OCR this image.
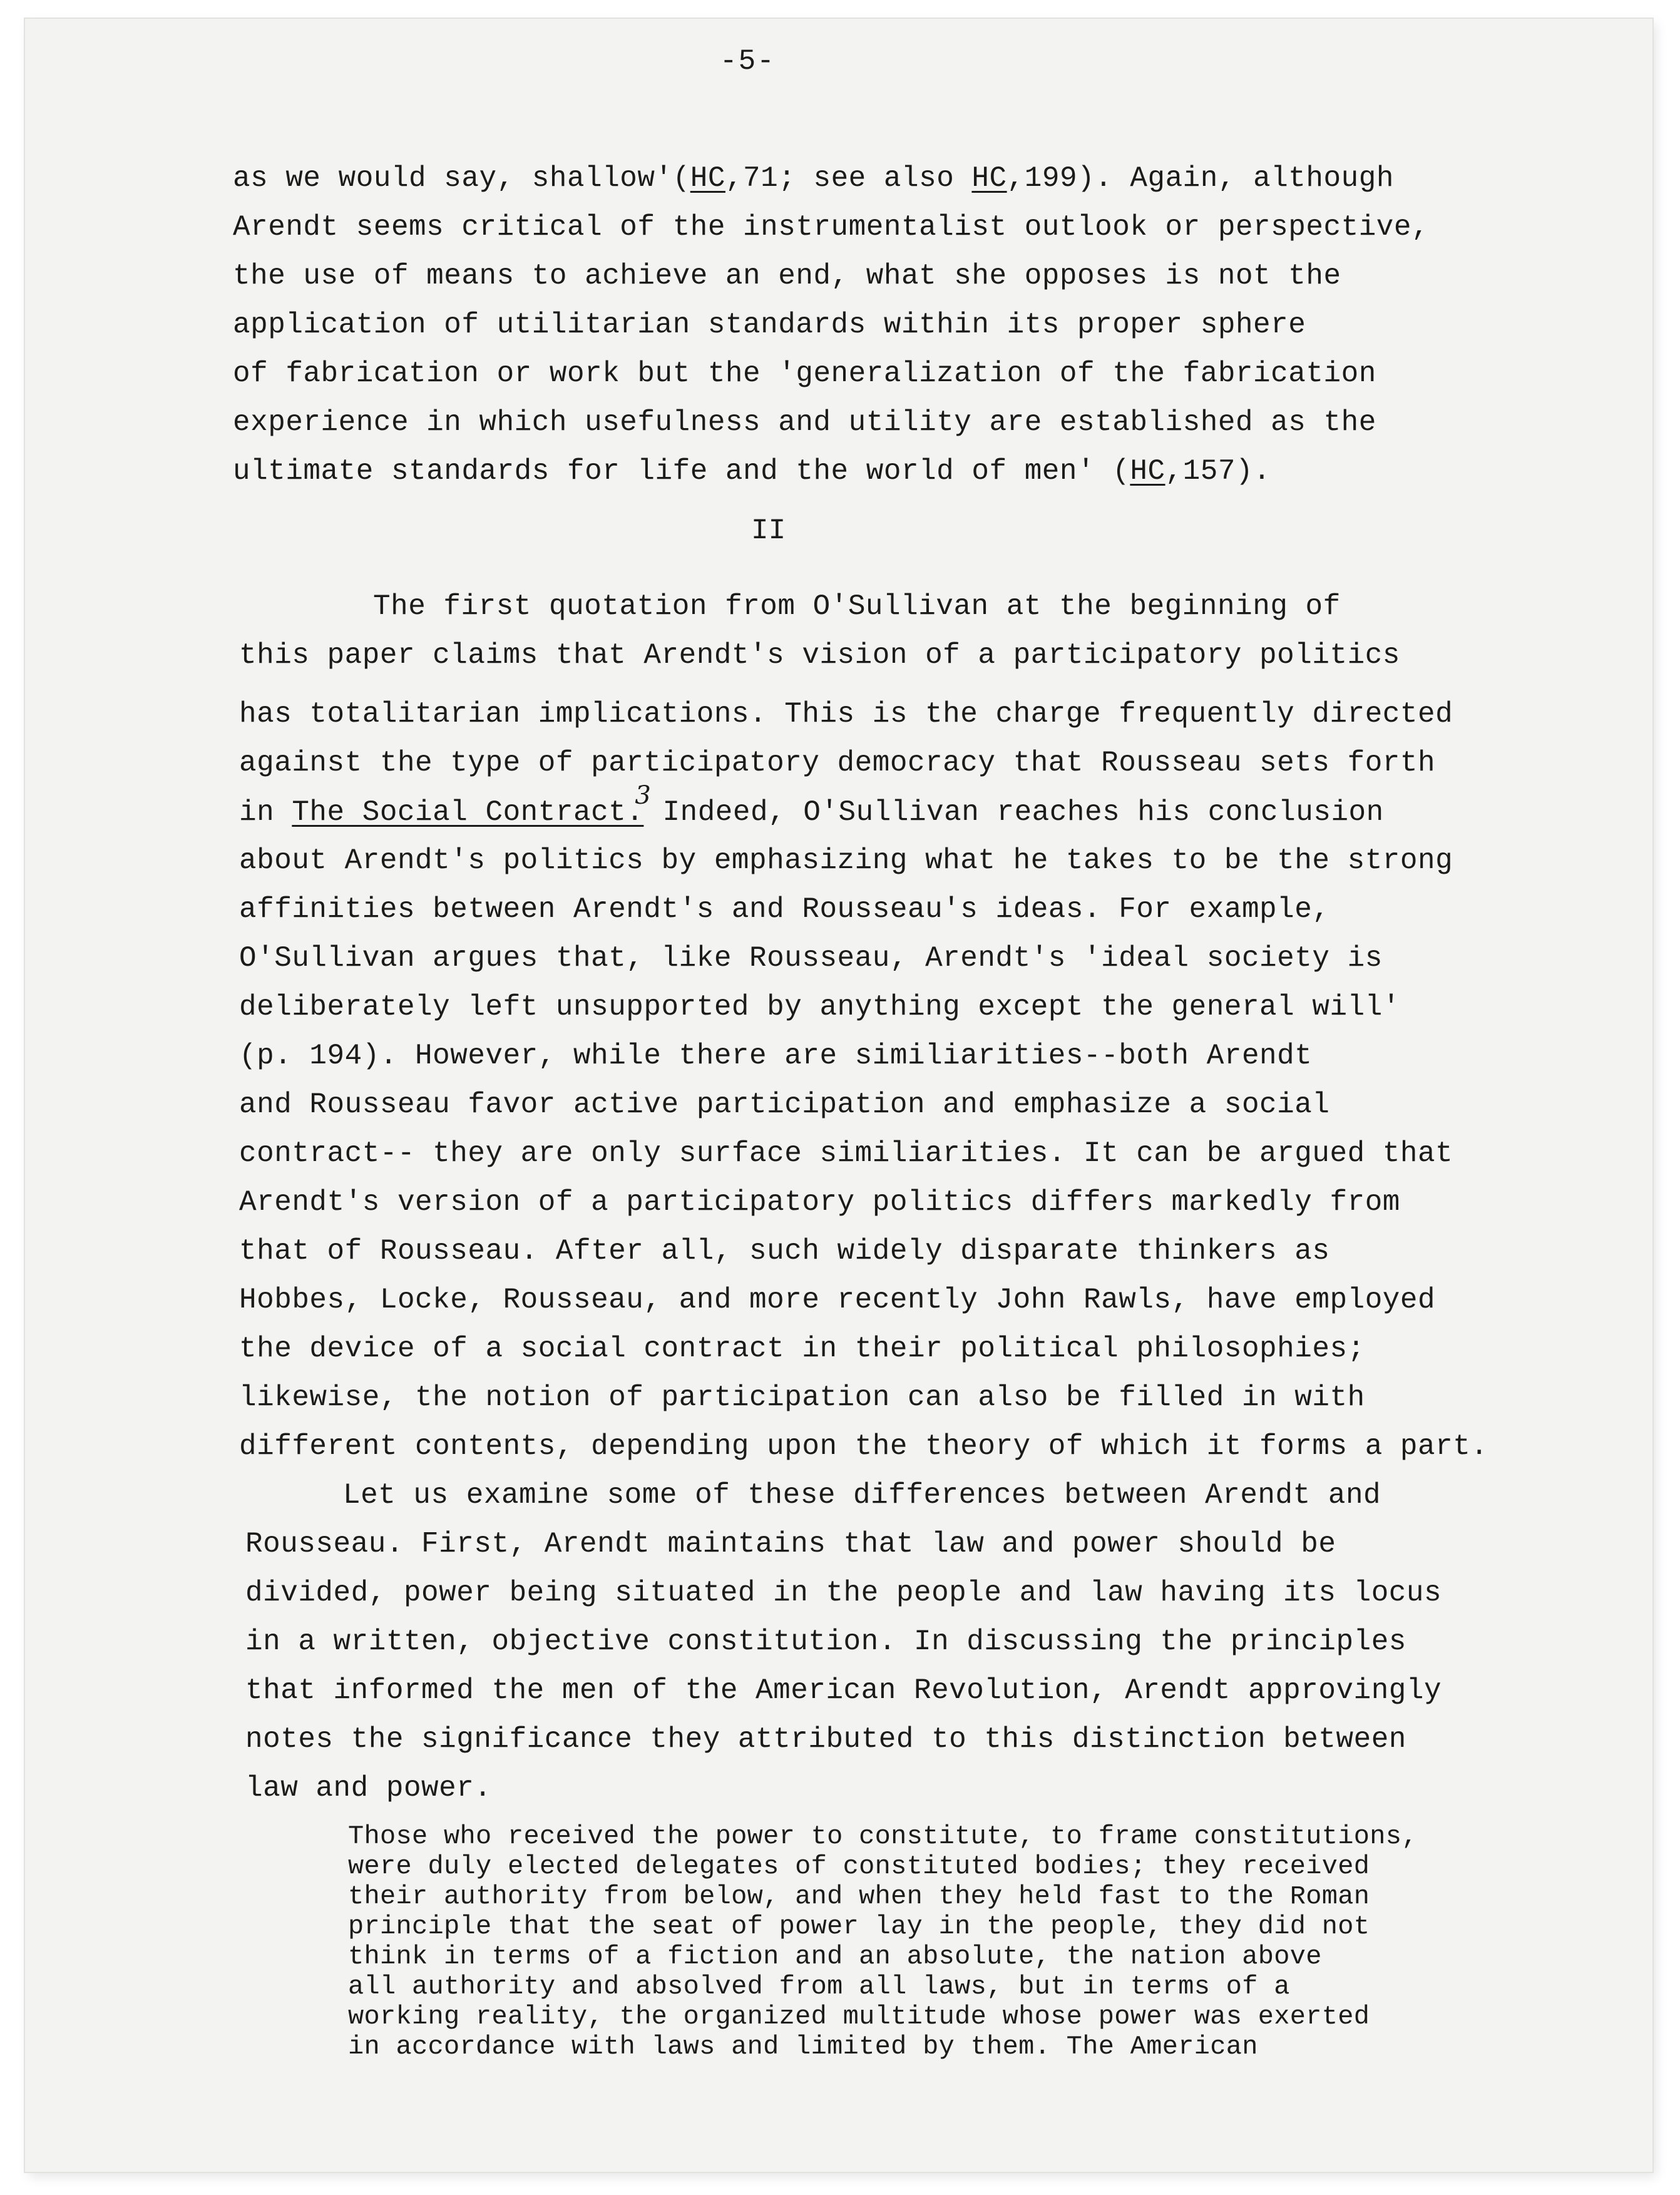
-5-
as we would say, shallow'(HC,71; see also HC,199). Again, although
Arendt seems critical of the instrumentalist outlook or perspective,
the use of means to achieve an end, what she opposes is not the
application of utilitarian standards within its proper sphere
of fabrication or work but the 'generalization of the fabrication
experience in which usefulness and utility are established as the
ultimate standards for life and the world of men' (HC,157).
II
The first quotation from O'Sullivan at the beginning of
this paper claims that Arendt's vision of a participatory politics
has totalitarian implications. This is the charge frequently directed
against the type of participatory democracy that Rousseau sets forth
in The Social Contract.3 Indeed, O'Sullivan reaches his conclusion
about Arendt's politics by emphasizing what he takes to be the strong
affinities between Arendt's and Rousseau's ideas. For example,
O'Sullivan argues that, like Rousseau, Arendt's 'ideal society is
deliberately left unsupported by anything except the general will'
(p. 194). However, while there are similiarities--both Arendt
and Rousseau favor active participation and emphasize a social
contract-- they are only surface similiarities. It can be argued that
Arendt's version of a participatory politics differs markedly from
that of Rousseau. After all, such widely disparate thinkers as
Hobbes, Locke, Rousseau, and more recently John Rawls, have employed
the device of a social contract in their political philosophies;
likewise, the notion of participation can also be filled in with
different contents, depending upon the theory of which it forms a part.
Let us examine some of these differences between Arendt and
Rousseau. First, Arendt maintains that law and power should be
divided, power being situated in the people and law having its locus
in a written, objective constitution. In discussing the principles
that informed the men of the American Revolution, Arendt approvingly
notes the significance they attributed to this distinction between
law and power.
Those who received the power to constitute, to frame constitutions,
were duly elected delegates of constituted bodies; they received
their authority from below, and when they held fast to the Roman
principle that the seat of power lay in the people, they did not
think in terms of a fiction and an absolute, the nation above
all authority and absolved from all laws, but in terms of a
working reality, the organized multitude whose power was exerted
in accordance with laws and limited by them. The American
